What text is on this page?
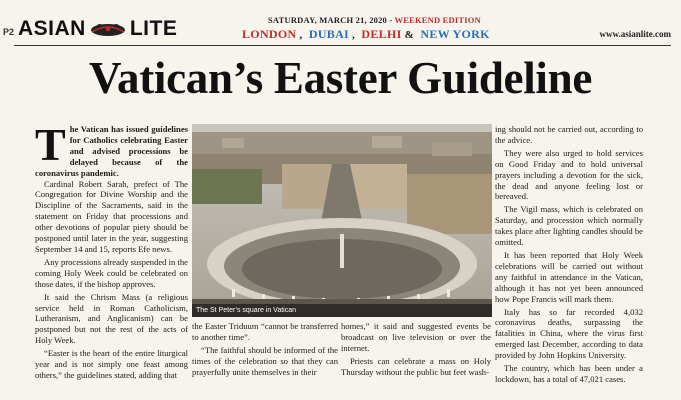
P2 ASIAN LITE	SATURDAY, MARCH 21, 2020 - WEEKEND EDITION
LONDON , DUBAI , DELHI & NEW YORK	www.asianlite.com
Vatican’s Easter Guideline
T he Vatican has issued guidelines for Catholics celebrating Easter and advised processions be delayed because of the coronavirus pandemic.

Cardinal Robert Sarah, prefect of The Congregation for Divine Worship and the Discipline of the Sacraments, said in the statement on Friday that processions and other devotions of popular piety should be postponed until later in the year, suggesting September 14 and 15, reports Efe news.

Any processions already suspended in the coming Holy Week could be celebrated on those dates, if the bishop approves.

It said the Chrism Mass (a religious service held in Roman Catholicism, Lutheranism, and Anglicanism) can be postponed but not the rest of the acts of Holy Week.

“Easter is the heart of the entire liturgical year and is not simply one feast among others,” the guidelines stated, adding that

The St Peter’s square in Vatican

the Easter Triduum “cannot be transferred to another time”.

“The faithful should be informed of the times of the celebration so that they can prayerfully unite themselves in their

homes,” it said and suggested events be broadcast on live television or over the internet.

Priests can celebrate a mass on Holy Thursday without the public but feet wash-

ing should not be carried out, according to the advice.

They were also urged to hold services on Good Friday and to hold universal prayers including a devotion for the sick, the dead and anyone feeling lost or bereaved.

The Vigil mass, which is celebrated on Saturday, and procession which normally takes place after lighting candles should be omitted.

It has been reported that Holy Week celebrations will be carried out without any faithful in attendance in the Vatican, although it has not yet been announced how Pope Francis will mark them.

Italy has so far recorded 4,032 coronavirus deaths, surpassing the fatalities in China, where the virus first emerged last December, according to data provided by John Hopkins University.

The country, which has been under a lockdown, has a total of 47,021 cases.
